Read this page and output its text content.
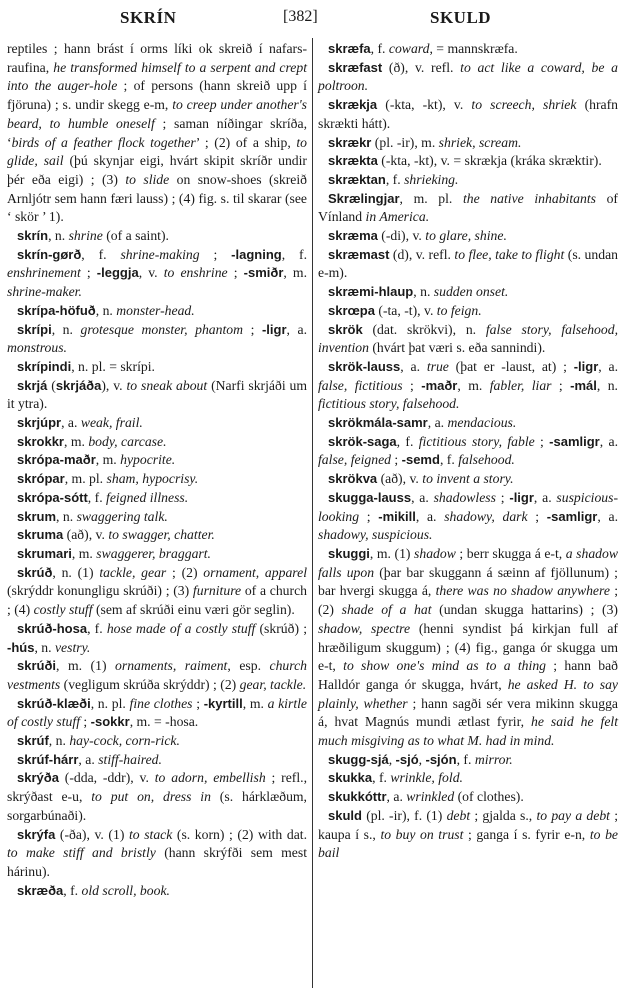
SKRÍN	[382]	SKULD

reptiles ; hann brást í orms líki ok skreið í nafars-raufina, he transformed himself to a serpent and crept into the auger-hole ; of persons (hann skreið upp í fjöruna) ; s. undir skegg e-m, to creep under another's beard, to humble oneself ; saman níðingar skríða, ‘birds of a feather flock together’ ; (2) of a ship, to glide, sail (þú skynjar eigi, hvárt skipit skríðr undir þér eða eigi) ; (3) to slide on snow-shoes (skreið Arnljótr sem hann færi lauss) ; (4) fig. s. til skarar (see ‘ skör ’ 1).

skrín, n. shrine (of a saint).

skrín-gørð, f. shrine-making ; -lagning, f. enshrinement ; -leggja, v. to enshrine ; -smiðr, m. shrine-maker.

skrípa-höfuð, n. monster-head.

skrípi, n. grotesque monster, phantom ; -ligr, a. monstrous.

skrípindi, n. pl. = skrípi.

skrjá (skrjáða), v. to sneak about (Narfi skrjáði um it ytra).

skrjúpr, a. weak, frail.

skrokkr, m. body, carcase.

skrópa-maðr, m. hypocrite.

skrópar, m. pl. sham, hypocrisy.

skrópa-sótt, f. feigned illness.

skrum, n. swaggering talk.

skruma (að), v. to swagger, chatter.

skrumari, m. swaggerer, braggart.

skrúð, n. (1) tackle, gear ; (2) ornament, apparel (skrýddr konungligu skrúði) ; (3) furniture of a church ; (4) costly stuff (sem af skrúði einu væri gör seglin).

skrúð-hosa, f. hose made of a costly stuff (skrúð) ; -hús, n. vestry.

skrúði, m. (1) ornaments, raiment, esp. church vestments (vegligum skrúða skrýddr) ; (2) gear, tackle.

skrúð-klæði, n. pl. fine clothes ; -kyrtill, m. a kirtle of costly stuff ; -sokkr, m. = -hosa.

skrúf, n. hay-cock, corn-rick.

skrúf-hárr, a. stiff-haired.

skrýða (-dda, -ddr), v. to adorn, embellish ; refl., skrýðast e-u, to put on, dress in (s. hárklæðum, sorgarbúnaði).

skrýfa (-ða), v. (1) to stack (s. korn) ; (2) with dat. to make stiff and bristly (hann skrýfði sem mest hárinu).

skræða, f. old scroll, book.

skræfa, f. coward, = mannskræfa.

skræfast (ð), v. refl. to act like a coward, be a poltroon.

skrækja (-kta, -kt), v. to screech, shriek (hrafn skrækti hátt).

skrækr (pl. -ir), m. shriek, scream.

skrækta (-kta, -kt), v. = skrækja (kráka skræktir).

skræktan, f. shrieking.

Skrælingjar, m. pl. the native inhabitants of Vínland in America.

skræma (-di), v. to glare, shine.

skræmast (d), v. refl. to flee, take to flight (s. undan e-m).

skræmi-hlaup, n. sudden onset.

skrœpa (-ta, -t), v. to feign.

skrök (dat. skrökvi), n. false story, falsehood, invention (hvárt þat væri s. eða sannindi).

skrök-lauss, a. true (þat er -laust, at) ; -ligr, a. false, fictitious ; -maðr, m. fabler, liar ; -mál, n. fictitious story, falsehood.

skrökmála-samr, a. mendacious.

skrök-saga, f. fictitious story, fable ; -samligr, a. false, feigned ; -semd, f. falsehood.

skrökva (að), v. to invent a story.

skugga-lauss, a. shadowless ; -ligr, a. suspicious-looking ; -mikill, a. shadowy, dark ; -samligr, a. shadowy, suspicious.

skuggi, m. (1) shadow ; berr skugga á e-t, a shadow falls upon (þar bar skuggann á sæinn af fjöllunum) ; bar hvergi skugga á, there was no shadow anywhere ; (2) shade of a hat (undan skugga hattarins) ; (3) shadow, spectre (henni syndist þá kirkjan full af hræðiligum skuggum) ; (4) fig., ganga ór skugga um e-t, to show one's mind as to a thing ; hann bað Halldór ganga ór skugga, hvárt, he asked H. to say plainly, whether ; hann sagði sér vera mikinn skugga á, hvat Magnús mundi ætlast fyrir, he said he felt much misgiving as to what M. had in mind.

skugg-sjá, -sjó, -sjón, f. mirror.

skukka, f. wrinkle, fold.

skukkóttr, a. wrinkled (of clothes).

skuld (pl. -ir), f. (1) debt ; gjalda s., to pay a debt ; kaupa í s., to buy on trust ; ganga í s. fyrir e-n, to be bail
